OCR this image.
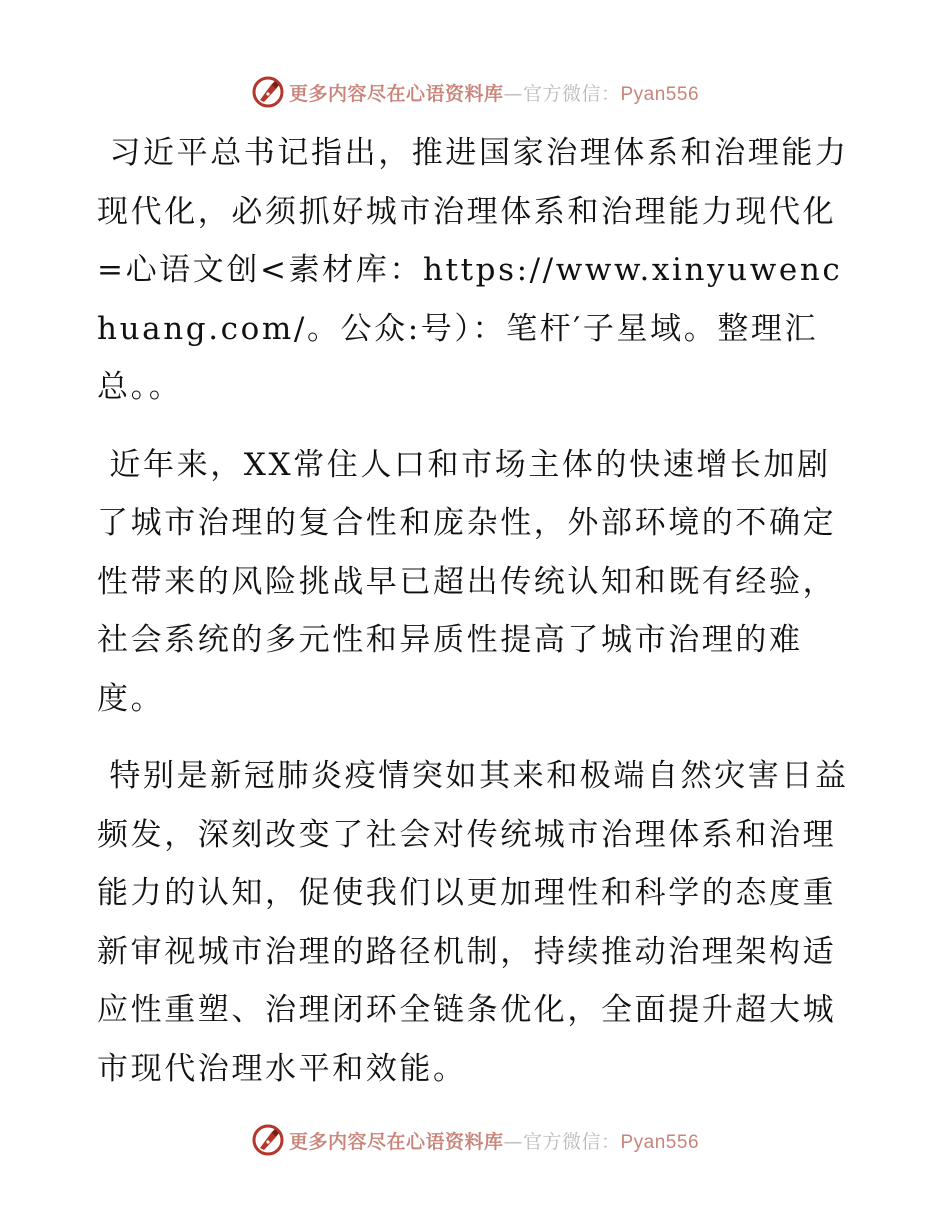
更多内容尽在心语资料库—官方微信：Pyan556

习近平总书记指出，推进国家治理体系和治理能力现代化，必须抓好城市治理体系和治理能力现代化=心语文创<素材库：https://www.xinyuwenchuang.com/。公众:号）：笔杆′子星域。整理汇总。。

近年来，XX常住人口和市场主体的快速增长加剧了城市治理的复合性和庞杂性，外部环境的不确定性带来的风险挑战早已超出传统认知和既有经验，社会系统的多元性和异质性提高了城市治理的难度。

特别是新冠肺炎疫情突如其来和极端自然灾害日益频发，深刻改变了社会对传统城市治理体系和治理能力的认知，促使我们以更加理性和科学的态度重新审视城市治理的路径机制，持续推动治理架构适应性重塑、治理闭环全链条优化，全面提升超大城市现代治理水平和效能。

更多内容尽在心语资料库—官方微信：Pyan556
